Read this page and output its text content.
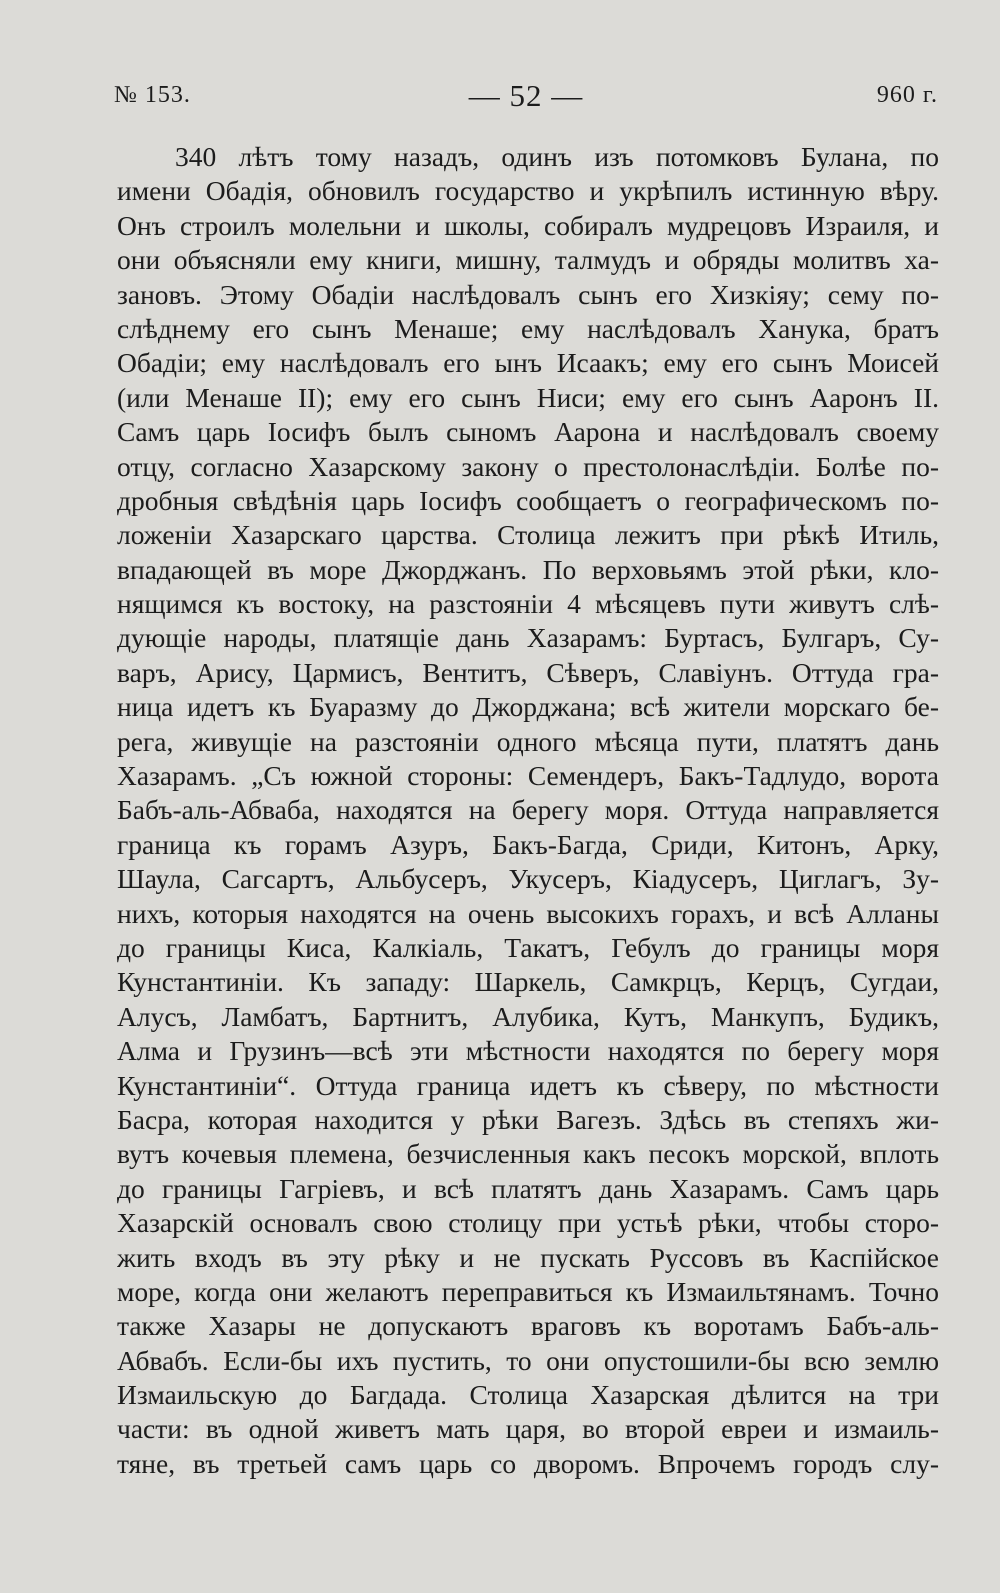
№ 153.	— 52 —	960 г.
340 лѣтъ тому назадъ, одинъ изъ потомковъ Булана, по
имени Обадія, обновилъ государство и укрѣпилъ истинную вѣру.
Онъ строилъ молельни и школы, собиралъ мудрецовъ Израиля, и
они объясняли ему книги, мишну, талмудъ и обряды молитвъ ха-
зановъ. Этому Обадіи наслѣдовалъ сынъ его Хизкіяу; сему по-
слѣднему его сынъ Менаше; ему наслѣдовалъ Ханука, братъ
Обадіи; ему наслѣдовалъ его ынъ Исаакъ; ему его сынъ Моисей
(или Менаше II); ему его сынъ Ниси; ему его сынъ Ааронъ II.
Самъ царь Іосифъ былъ сыномъ Аарона и наслѣдовалъ своему
отцу, согласно Хазарскому закону о престолонаслѣдіи. Болѣе по-
дробныя свѣдѣнія царь Іосифъ сообщаетъ о географическомъ по-
ложеніи Хазарскаго царства. Столица лежитъ при рѣкѣ Итиль,
впадающей въ море Джорджанъ. По верховьямъ этой рѣки, кло-
нящимся къ востоку, на разстояніи 4 мѣсяцевъ пути живутъ слѣ-
дующіе народы, платящіе дань Хазарамъ: Буртасъ, Булгаръ, Су-
варъ, Арису, Цармисъ, Вентитъ, Сѣверъ, Славіунъ. Оттуда гра-
ница идетъ къ Буаразму до Джорджана; всѣ жители морскаго бе-
рега, живущіе на разстояніи одного мѣсяца пути, платятъ дань
Хазарамъ. „Съ южной стороны: Семендеръ, Бакъ-Тадлудо, ворота
Бабъ-аль-Абваба, находятся на берегу моря. Оттуда направляется
граница къ горамъ Азуръ, Бакъ-Багда, Сриди, Китонъ, Арку,
Шаула, Сагсартъ, Альбусеръ, Укусеръ, Кіадусеръ, Циглагъ, Зу-
нихъ, которыя находятся на очень высокихъ горахъ, и всѣ Алланы
до границы Киса, Калкіаль, Такатъ, Гебулъ до границы моря
Кунстантиніи. Къ западу: Шаркель, Самкрцъ, Керцъ, Сугдаи,
Алусъ, Ламбатъ, Бартнитъ, Алубика, Кутъ, Манкупъ, Будикъ,
Алма и Грузинъ—всѣ эти мѣстности находятся по берегу моря
Кунстантиніи“. Оттуда граница идетъ къ сѣверу, по мѣстности
Басра, которая находится у рѣки Вагезъ. Здѣсь въ степяхъ жи-
вутъ кочевыя племена, безчисленныя какъ песокъ морской, вплоть
до границы Гагріевъ, и всѣ платятъ дань Хазарамъ. Самъ царь
Хазарскій основалъ свою столицу при устьѣ рѣки, чтобы сторо-
жить входъ въ эту рѣку и не пускать Руссовъ въ Каспійское
море, когда они желаютъ переправиться къ Измаильтянамъ. Точно
также Хазары не допускаютъ враговъ къ воротамъ Бабъ-аль-
Абвабъ. Если-бы ихъ пустить, то они опустошили-бы всю землю
Измаильскую до Багдада. Столица Хазарская дѣлится на три
части: въ одной живетъ мать царя, во второй евреи и измаиль-
тяне, въ третьей самъ царь со дворомъ. Впрочемъ городъ слу-
